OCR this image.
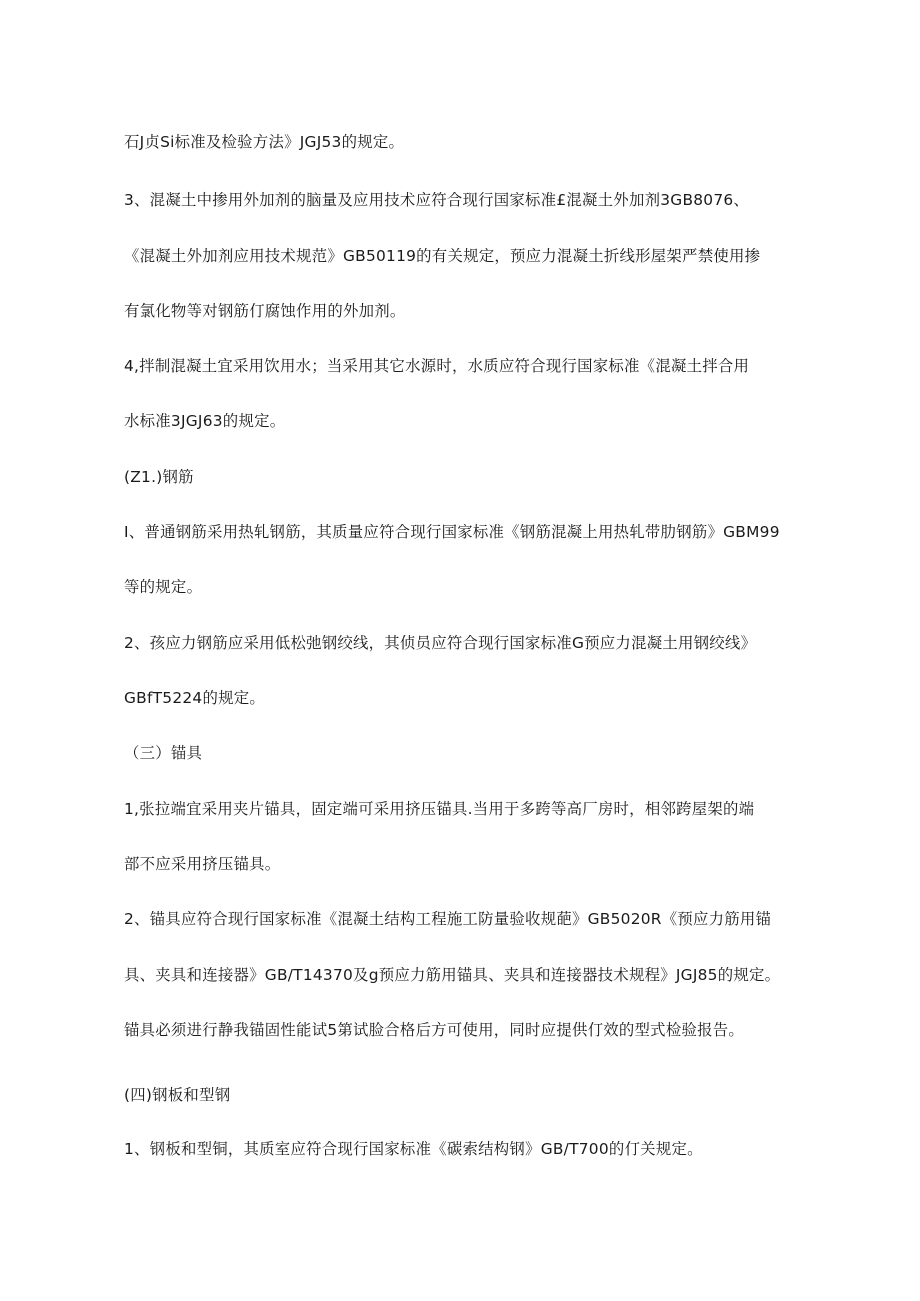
石J贞Si标准及检验方法》JGJ53的规定。
3、混凝土中掺用外加剂的脑量及应用技术应符合现行国家标准£混凝土外加剂3GB8076、
《混凝土外加剂应用技术规范》GB50119的有关规定，预应力混凝土折线形屋架严禁使用掺
有氯化物等对钢筋仃腐蚀作用的外加剂。
4,拌制混凝土宜采用饮用水；当采用其它水源时，水质应符合现行国家标准《混凝土拌合用
水标准3JGJ63的规定。
(Z1.)钢筋
I、普通钢筋采用热轧钢筋，其质量应符合现行国家标准《钢筋混凝上用热轧带肋钢筋》GBM99
等的规定。
2、孩应力钢筋应采用低松弛钢绞线，其侦员应符合现行国家标准G预应力混凝土用钢绞线》
GBfT5224的规定。
（三）锚具
1,张拉端宜采用夹片锚具，固定端可采用挤压锚具.当用于多跨等高厂房时，相邻跨屋架的端
部不应采用挤压锚具。
2、锚具应符合现行国家标准《混凝土结构工程施工防量验收规葩》GB5020R《预应力筋用锚
具、夹具和连接器》GB/T14370及g预应力筋用锚具、夹具和连接器技术规程》JGJ85的规定。
锚具必须进行静我锚固性能试5第试脸合格后方可使用，同时应提供仃效的型式检验报告。
(四)钢板和型钢
1、钢板和型铜，其质室应符合现行国家标准《碳索结构钢》GB/T700的仃关规定。
